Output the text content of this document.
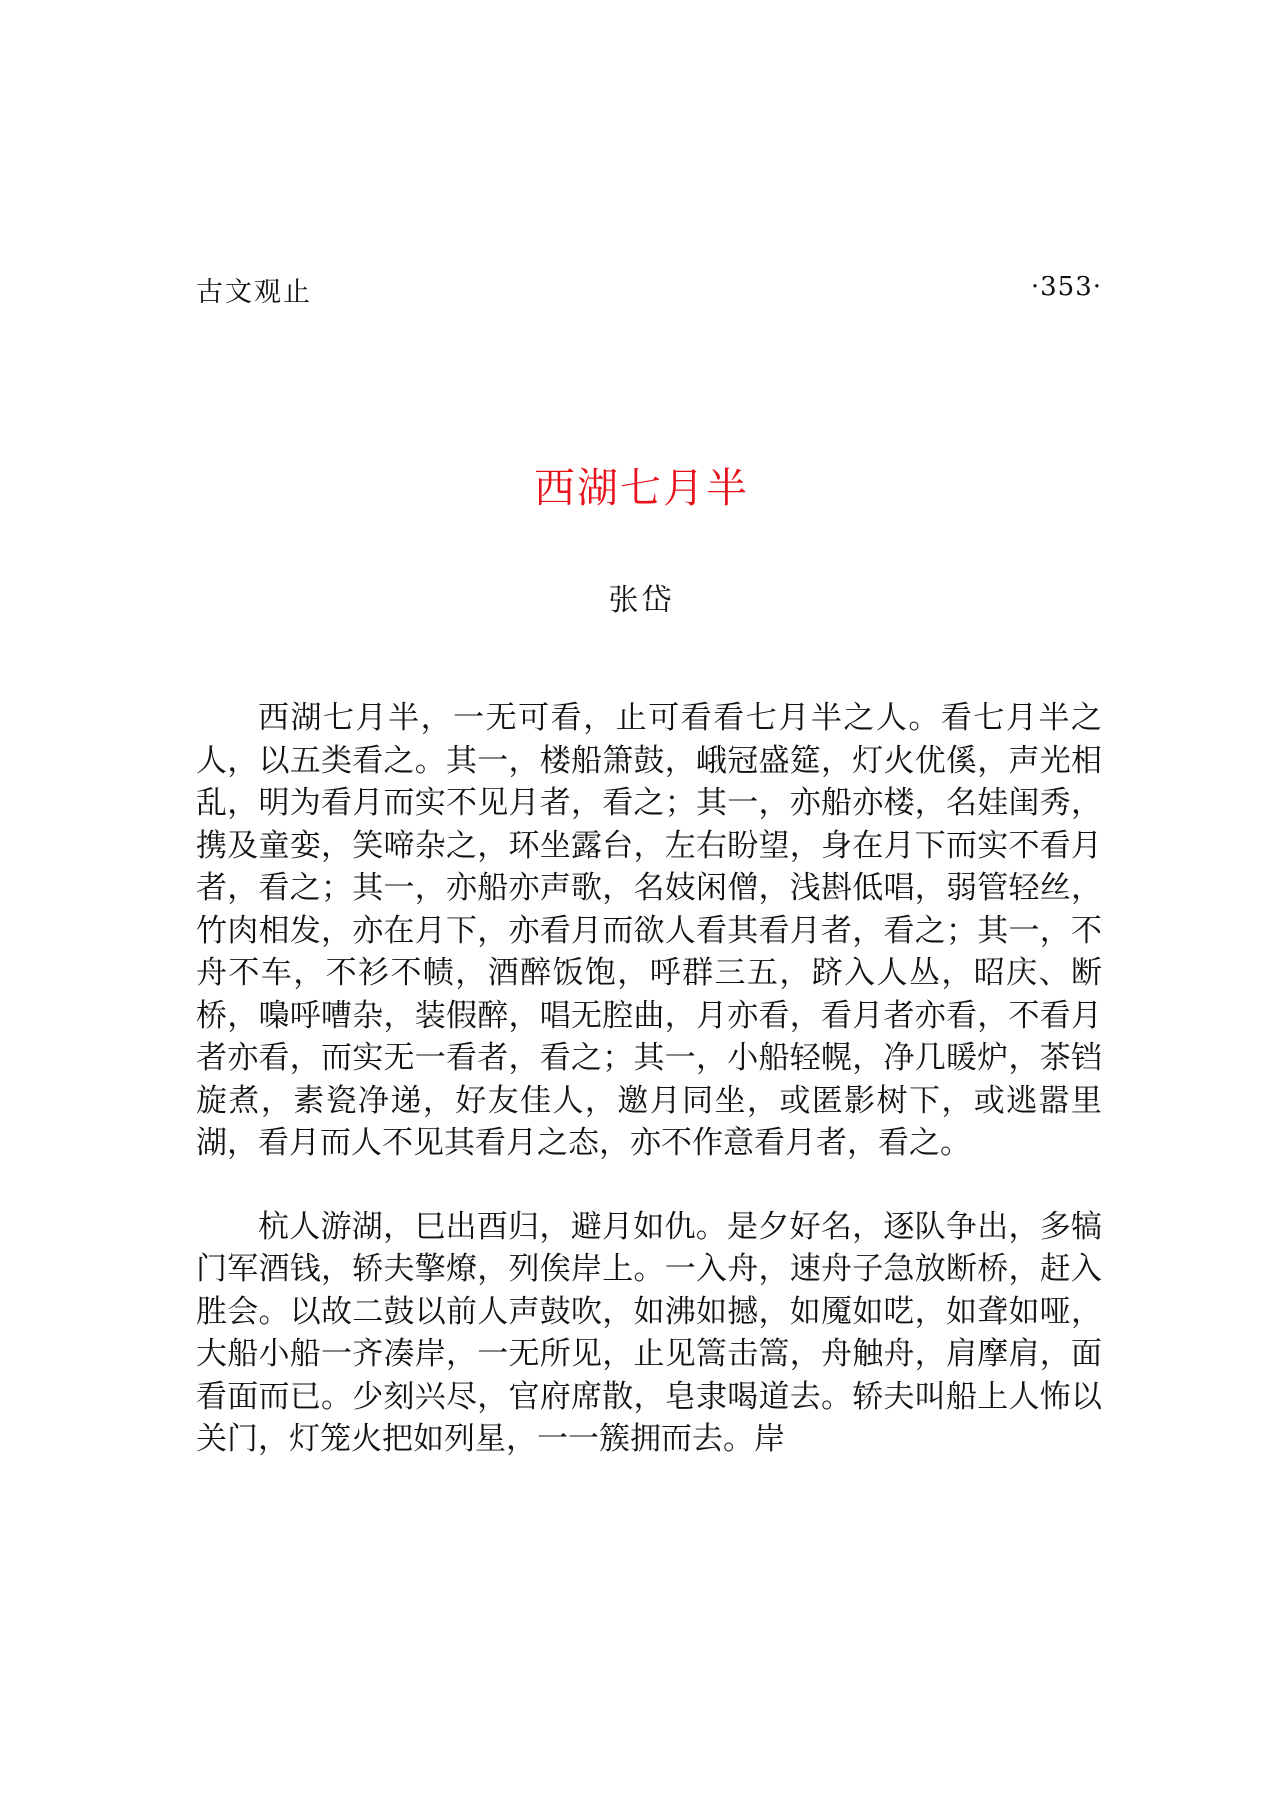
古文观止	·353·
西湖七月半
张岱

西湖七月半，一无可看，止可看看七月半之人。看七月半之人，以五类看之。其一，楼船箫鼓，峨冠盛筵，灯火优傒，声光相乱，明为看月而实不见月者，看之；其一，亦船亦楼，名娃闺秀，携及童娈，笑啼杂之，环坐露台，左右盼望，身在月下而实不看月者，看之；其一，亦船亦声歌，名妓闲僧，浅斟低唱，弱管轻丝，竹肉相发，亦在月下，亦看月而欲人看其看月者，看之；其一，不舟不车，不衫不帻，酒醉饭饱，呼群三五，跻入人丛，昭庆、断桥，嘄呼嘈杂，装假醉，唱无腔曲，月亦看，看月者亦看，不看月者亦看，而实无一看者，看之；其一，小船轻幌，净几暖炉，茶铛旋煮，素瓷净递，好友佳人，邀月同坐，或匿影树下，或逃嚣里湖，看月而人不见其看月之态，亦不作意看月者，看之。

杭人游湖，巳出酉归，避月如仇。是夕好名，逐队争出，多犒门军酒钱，轿夫擎燎，列俟岸上。一入舟，速舟子急放断桥，赶入胜会。以故二鼓以前人声鼓吹，如沸如撼，如魇如呓，如聋如哑，大船小船一齐凑岸，一无所见，止见篙击篙，舟触舟，肩摩肩，面看面而已。少刻兴尽，官府席散，皂隶喝道去。轿夫叫船上人怖以关门，灯笼火把如列星，一一簇拥而去。岸
